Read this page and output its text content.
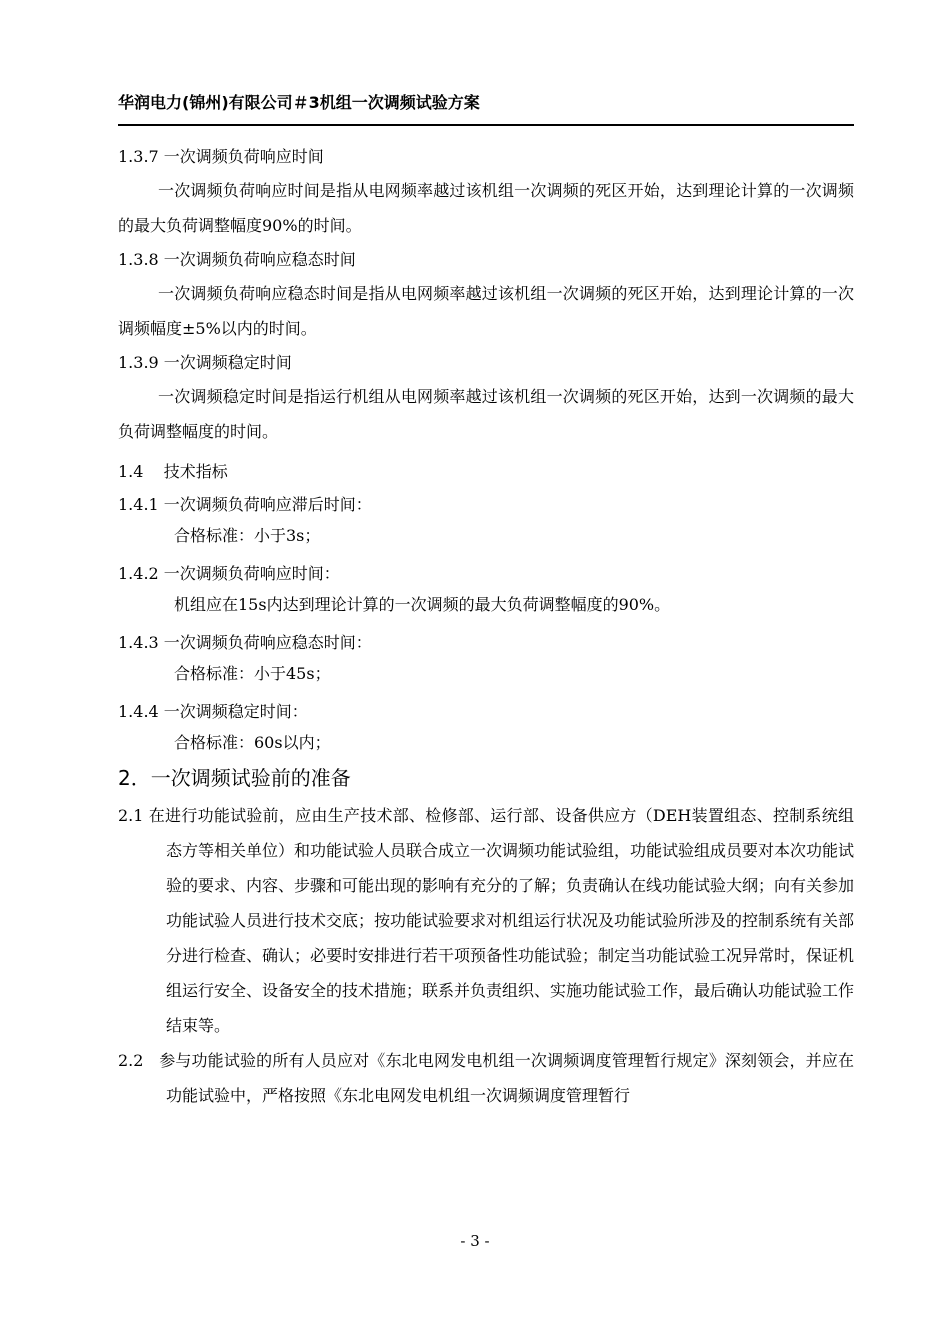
华润电力(锦州)有限公司＃3机组一次调频试验方案

1.3.7 一次调频负荷响应时间

一次调频负荷响应时间是指从电网频率越过该机组一次调频的死区开始，达到理论计算的一次调频的最大负荷调整幅度90%的时间。

1.3.8 一次调频负荷响应稳态时间

一次调频负荷响应稳态时间是指从电网频率越过该机组一次调频的死区开始，达到理论计算的一次调频幅度±5%以内的时间。

1.3.9 一次调频稳定时间

一次调频稳定时间是指运行机组从电网频率越过该机组一次调频的死区开始，达到一次调频的最大负荷调整幅度的时间。

1.4    技术指标

1.4.1 一次调频负荷响应滞后时间：

合格标准：小于3s；

1.4.2 一次调频负荷响应时间：

机组应在15s内达到理论计算的一次调频的最大负荷调整幅度的90%。

1.4.3 一次调频负荷响应稳态时间：

合格标准：小于45s；

1.4.4 一次调频稳定时间：

合格标准：60s以内；

2．一次调频试验前的准备

2.1 在进行功能试验前，应由生产技术部、检修部、运行部、设备供应方（DEH装置组态、控制系统组态方等相关单位）和功能试验人员联合成立一次调频功能试验组，功能试验组成员要对本次功能试验的要求、内容、步骤和可能出现的影响有充分的了解；负责确认在线功能试验大纲；向有关参加功能试验人员进行技术交底；按功能试验要求对机组运行状况及功能试验所涉及的控制系统有关部分进行检查、确认；必要时安排进行若干项预备性功能试验；制定当功能试验工况异常时，保证机组运行安全、设备安全的技术措施；联系并负责组织、实施功能试验工作，最后确认功能试验工作结束等。

2.2   参与功能试验的所有人员应对《东北电网发电机组一次调频调度管理暂行规定》深刻领会，并应在功能试验中，严格按照《东北电网发电机组一次调频调度管理暂行

- 3 -
